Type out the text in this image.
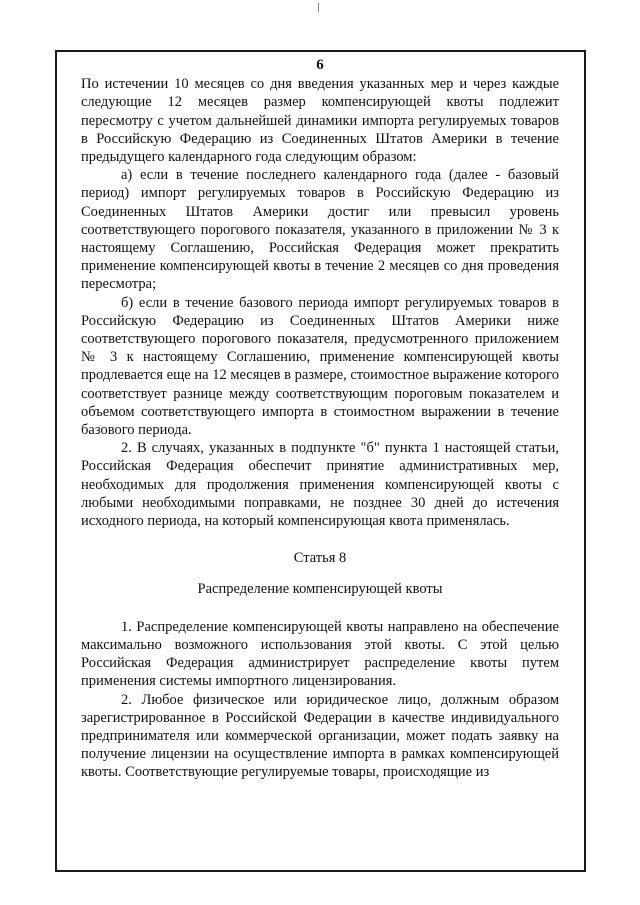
6

По истечении 10 месяцев со дня введения указанных мер и через каждые следующие 12 месяцев размер компенсирующей квоты подлежит пересмотру с учетом дальнейшей динамики импорта регулируемых товаров в Российскую Федерацию из Соединенных Штатов Америки в течение предыдущего календарного года следующим образом:

а) если в течение последнего календарного года (далее - базовый период) импорт регулируемых товаров в Российскую Федерацию из Соединенных Штатов Америки достиг или превысил уровень соответствующего порогового показателя, указанного в приложении № 3 к настоящему Соглашению, Российская Федерация может прекратить применение компенсирующей квоты в течение 2 месяцев со дня проведения пересмотра;

б) если в течение базового периода импорт регулируемых товаров в Российскую Федерацию из Соединенных Штатов Америки ниже соответствующего порогового показателя, предусмотренного приложением № 3 к настоящему Соглашению, применение компенсирующей квоты продлевается еще на 12 месяцев в размере, стоимостное выражение которого соответствует разнице между соответствующим пороговым показателем и объемом соответствующего импорта в стоимостном выражении в течение базового периода.

2. В случаях, указанных в подпункте "б" пункта 1 настоящей статьи, Российская Федерация обеспечит принятие административных мер, необходимых для продолжения применения компенсирующей квоты с любыми необходимыми поправками, не позднее 30 дней до истечения исходного периода, на который компенсирующая квота применялась.

Статья 8

Распределение компенсирующей квоты

1. Распределение компенсирующей квоты направлено на обеспечение максимально возможного использования этой квоты. С этой целью Российская Федерация администрирует распределение квоты путем применения системы импортного лицензирования.

2. Любое физическое или юридическое лицо, должным образом зарегистрированное в Российской Федерации в качестве индивидуального предпринимателя или коммерческой организации, может подать заявку на получение лицензии на осуществление импорта в рамках компенсирующей квоты. Соответствующие регулируемые товары, происходящие из
